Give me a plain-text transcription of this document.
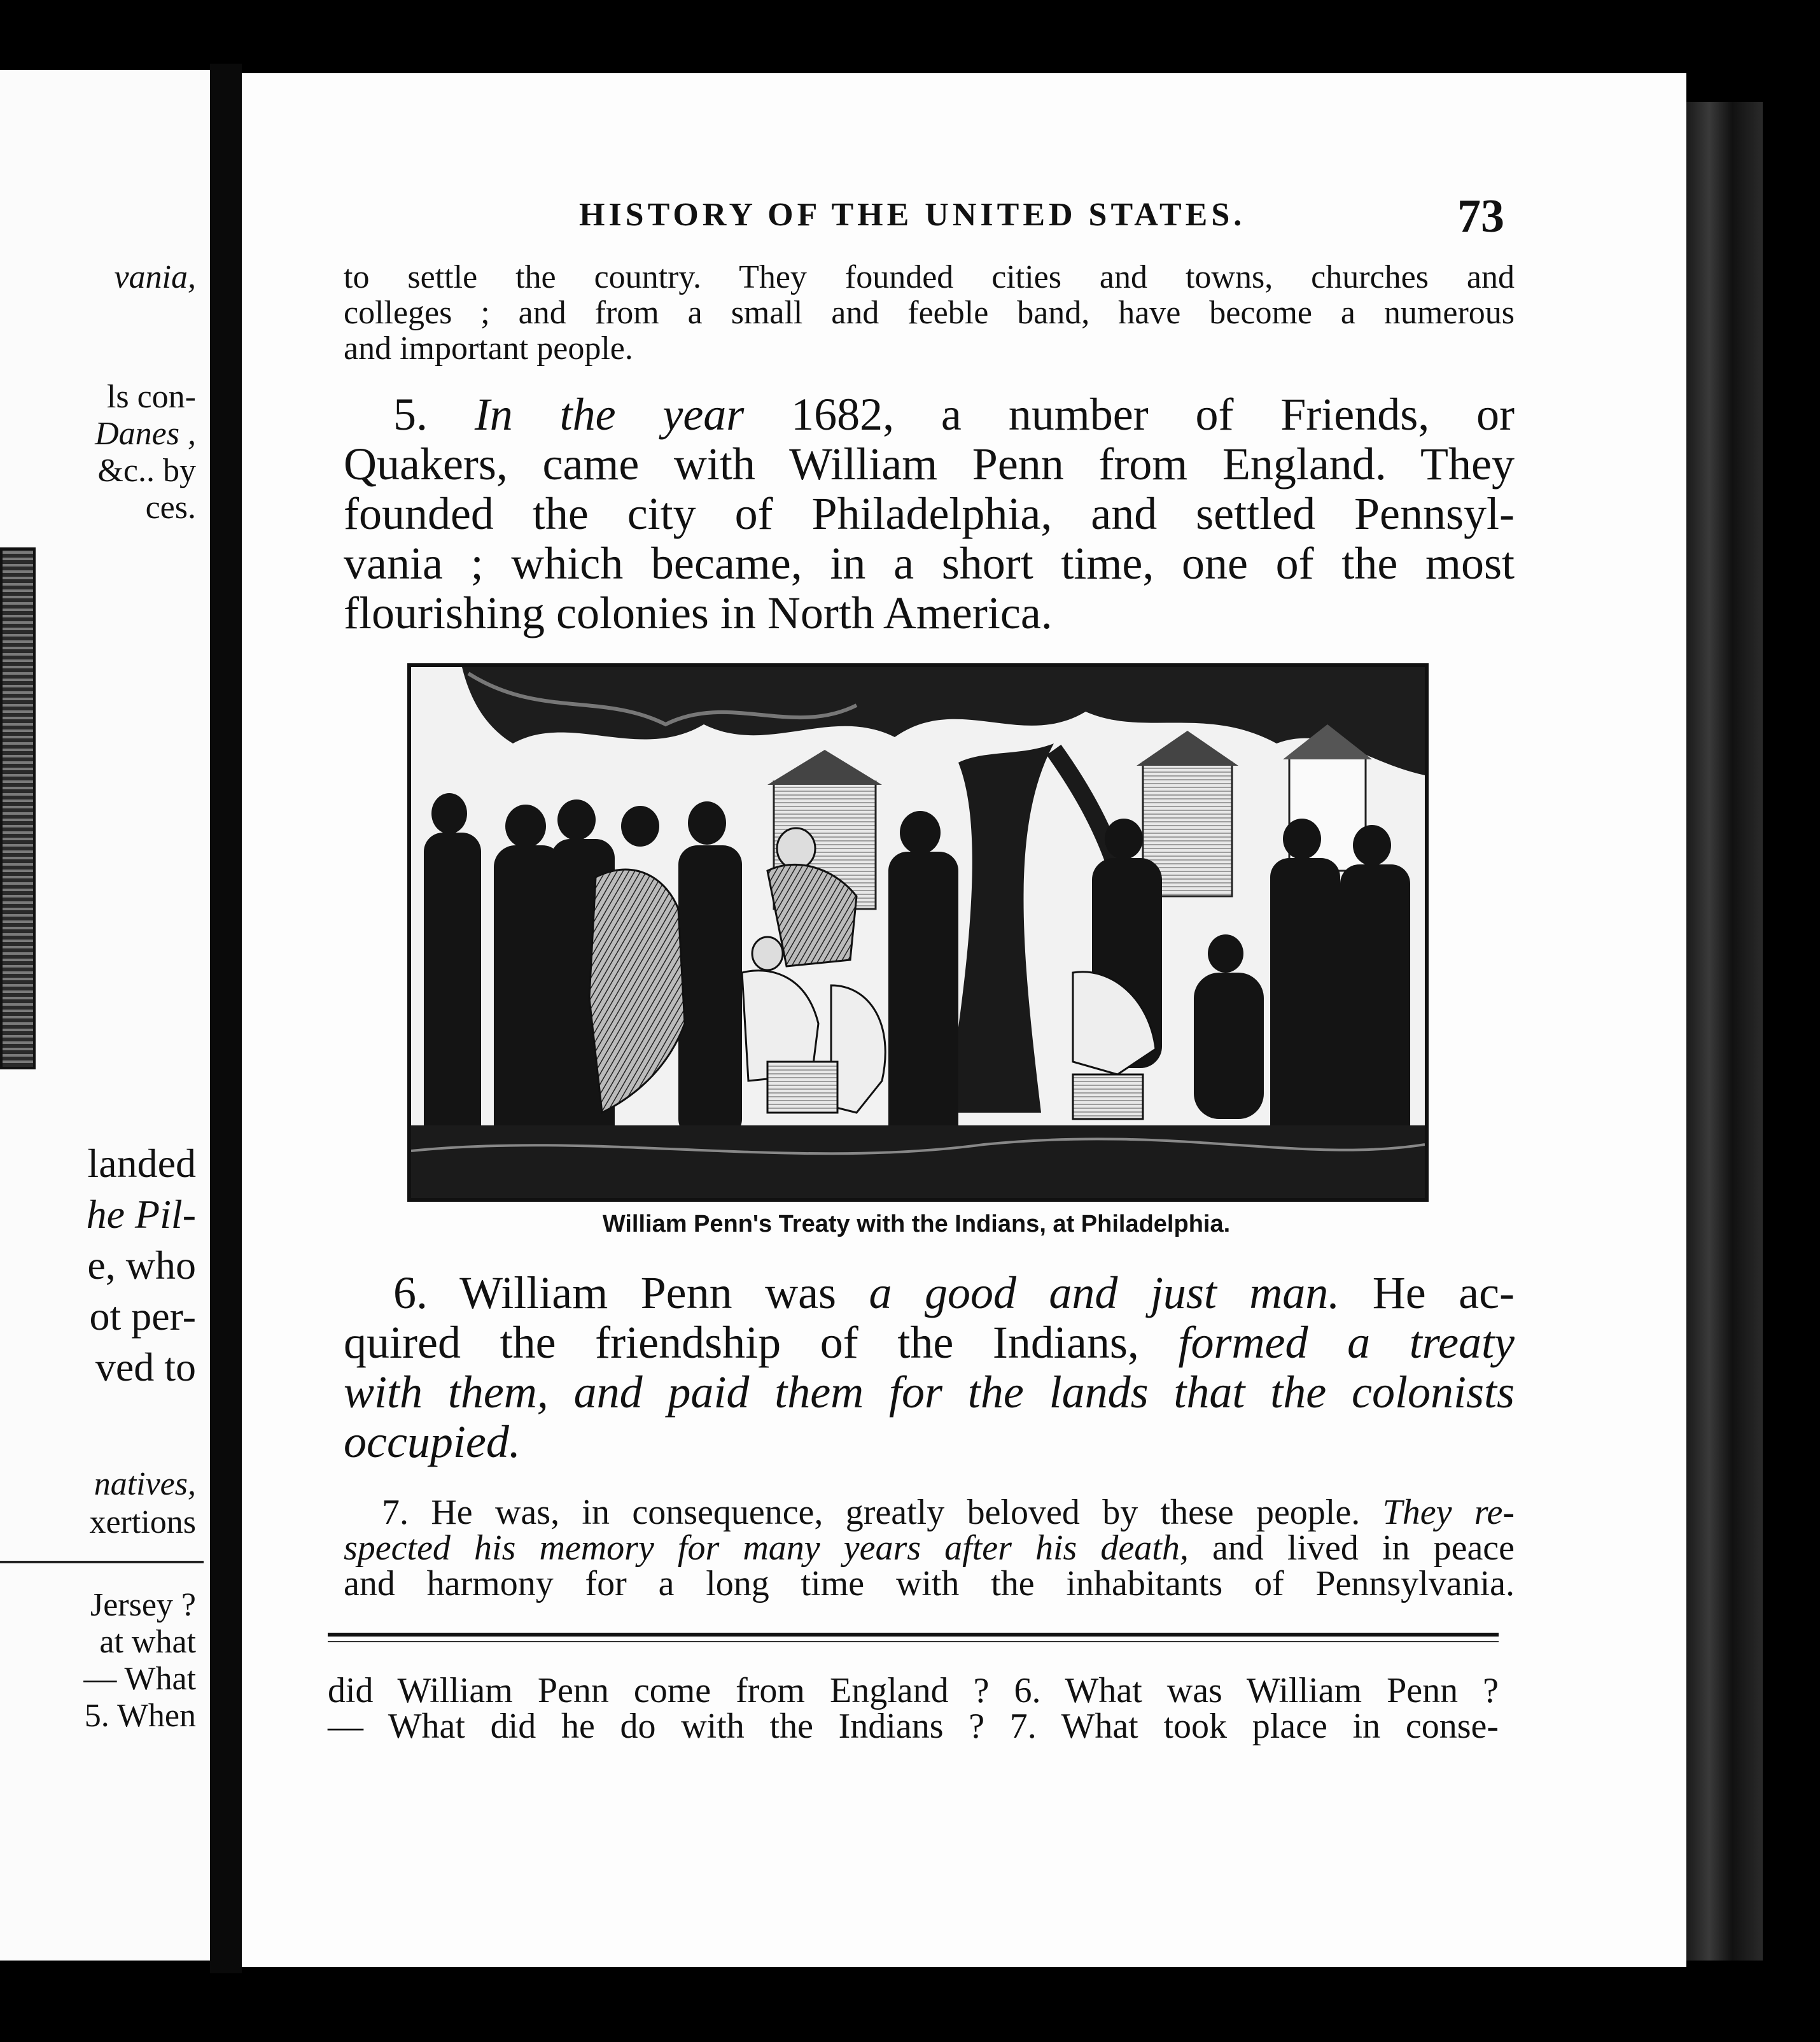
vania,
ls con-
Danes ,
&c.. by
ces.
landed
he Pil-
e, who
ot per-
ved to
natives,
xertions
Jersey ?
at what
— What
5. When
HISTORY OF THE UNITED STATES.	73
to settle the country. They founded cities and towns, churches and
colleges ; and from a small and feeble band, have become a numerous
and important people.
5. In the year 1682, a number of Friends, or
Quakers, came with William Penn from England. They
founded the city of Philadelphia, and settled Pennsyl-
vania ; which became, in a short time, one of the most
flourishing colonies in North America.
William Penn's Treaty with the Indians, at Philadelphia.
6. William Penn was a good and just man. He ac-
quired the friendship of the Indians, formed a treaty
with them, and paid them for the lands that the colonists
occupied.
7. He was, in consequence, greatly beloved by these people. They re-
spected his memory for many years after his death, and lived in peace
and harmony for a long time with the inhabitants of Pennsylvania.
did William Penn come from England ? 6. What was William Penn ?
— What did he do with the Indians ? 7. What took place in conse-
